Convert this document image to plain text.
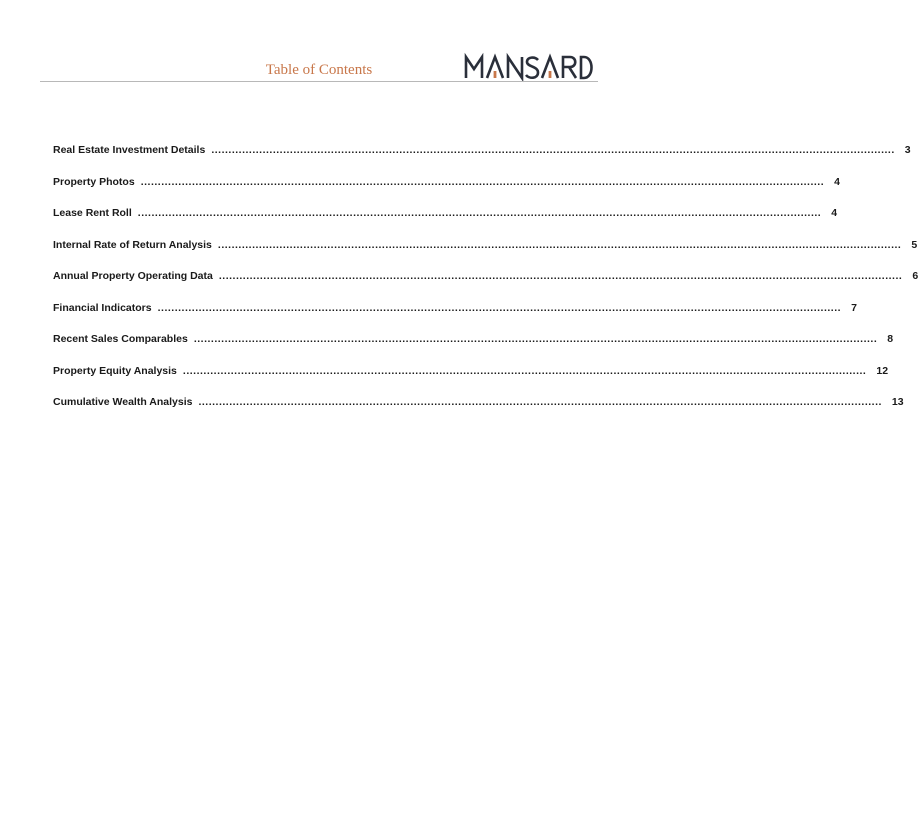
Table of Contents
Real Estate Investment Details ........................................................................................................................................................................................................ 3
Property Photos ........................................................................................................................................................................................................ 4
Lease Rent Roll ........................................................................................................................................................................................................ 4
Internal Rate of Return Analysis ........................................................................................................................................................................................................ 5
Annual Property Operating Data ........................................................................................................................................................................................................ 6
Financial Indicators ........................................................................................................................................................................................................ 7
Recent Sales Comparables ........................................................................................................................................................................................................ 8
Property Equity Analysis ........................................................................................................................................................................................................ 12
Cumulative Wealth Analysis ........................................................................................................................................................................................................ 13
